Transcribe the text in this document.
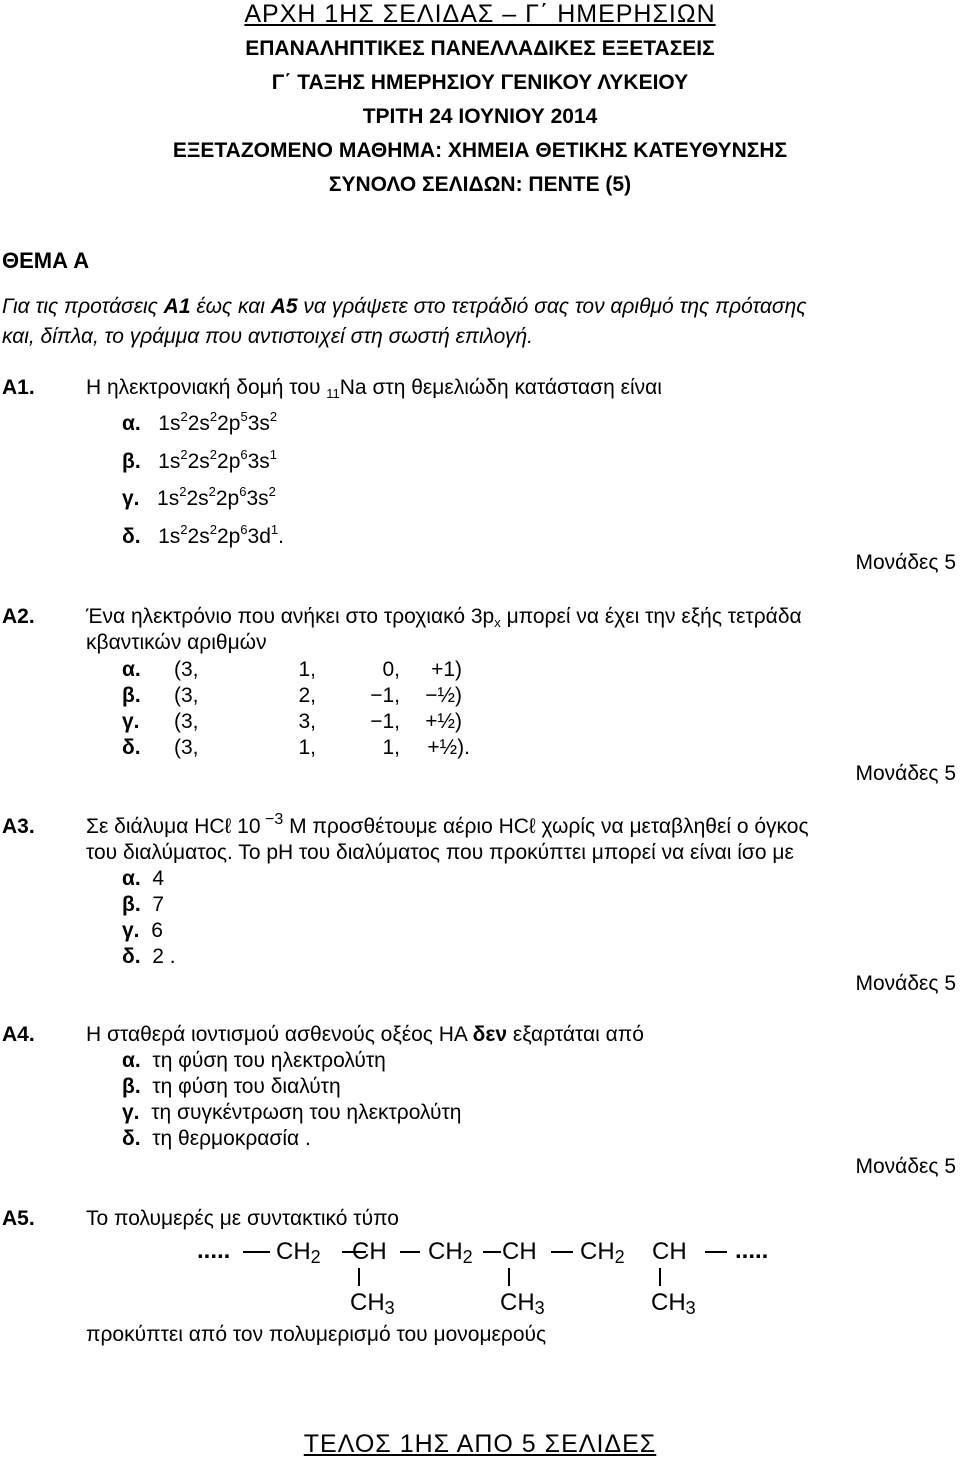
ΑΡΧΗ 1ΗΣ ΣΕΛΙΔΑΣ – Γ΄ ΗΜΕΡΗΣΙΩΝ
ΕΠΑΝΑΛΗΠΤΙΚΕΣ ΠΑΝΕΛΛΑΔΙΚΕΣ ΕΞΕΤΑΣΕΙΣ
Γ΄ ΤΑΞΗΣ ΗΜΕΡΗΣΙΟΥ ΓΕΝΙΚΟΥ ΛΥΚΕΙΟΥ
ΤΡΙΤΗ 24 ΙΟΥΝΙΟΥ 2014
ΕΞΕΤΑΖΟΜΕΝΟ ΜΑΘΗΜΑ: ΧΗΜΕΙΑ ΘΕΤΙΚΗΣ ΚΑΤΕΥΘΥΝΣΗΣ
ΣΥΝΟΛΟ ΣΕΛΙΔΩΝ: ΠΕΝΤΕ (5)
ΘΕΜΑ Α
Για τις προτάσεις Α1 έως και Α5 να γράψετε στο τετράδιό σας τον αριθμό της πρότασης
και, δίπλα, το γράμμα που αντιστοιχεί στη σωστή επιλογή.
Α1. Η ηλεκτρονιακή δομή του $_{11}$Na στη θεμελιώδη κατάσταση είναι
α. $1s^22s^22p^53s^2$
β. $1s^22s^22p^63s^1$
γ. $1s^22s^22p^63s^2$
δ. $1s^22s^22p^63d^1$.
Μονάδες 5
Α2. Ένα ηλεκτρόνιο που ανήκει στο τροχιακό $3p_x$ μπορεί να έχει την εξής τετράδα
κβαντικών αριθμών
α. (3,	1,	0, +1)
β. (3,	2,	−1, −½)
γ. (3,	3,	−1, +½)
δ. (3,	1,	1, +½).
Μονάδες 5
Α3. Σε διάλυμα HCℓ 10 $^{-3}$ M προσθέτουμε αέριο HCℓ χωρίς να μεταβληθεί ο όγκος
του διαλύματος. Το pH του διαλύματος που προκύπτει μπορεί να είναι ίσο με
α. 4
β. 7
γ. 6
δ. 2 .
Μονάδες 5
Α4. Η σταθερά ιοντισμού ασθενούς οξέος ΗΑ δεν εξαρτάται από
α. τη φύση του ηλεκτρολύτη
β. τη φύση του διαλύτη
γ. τη συγκέντρωση του ηλεκτρολύτη
δ. τη θερμοκρασία .
Μονάδες 5
Α5. Το πολυμερές με συντακτικό τύπο
..... $CH_2$ CH $CH_2$ CH $CH_2$ CH .....
$CH_3$	$CH_3$	$CH_3$
προκύπτει από τον πολυμερισμό του μονομερούς
ΤΕΛΟΣ 1ΗΣ ΑΠΟ 5 ΣΕΛΙΔΕΣ
